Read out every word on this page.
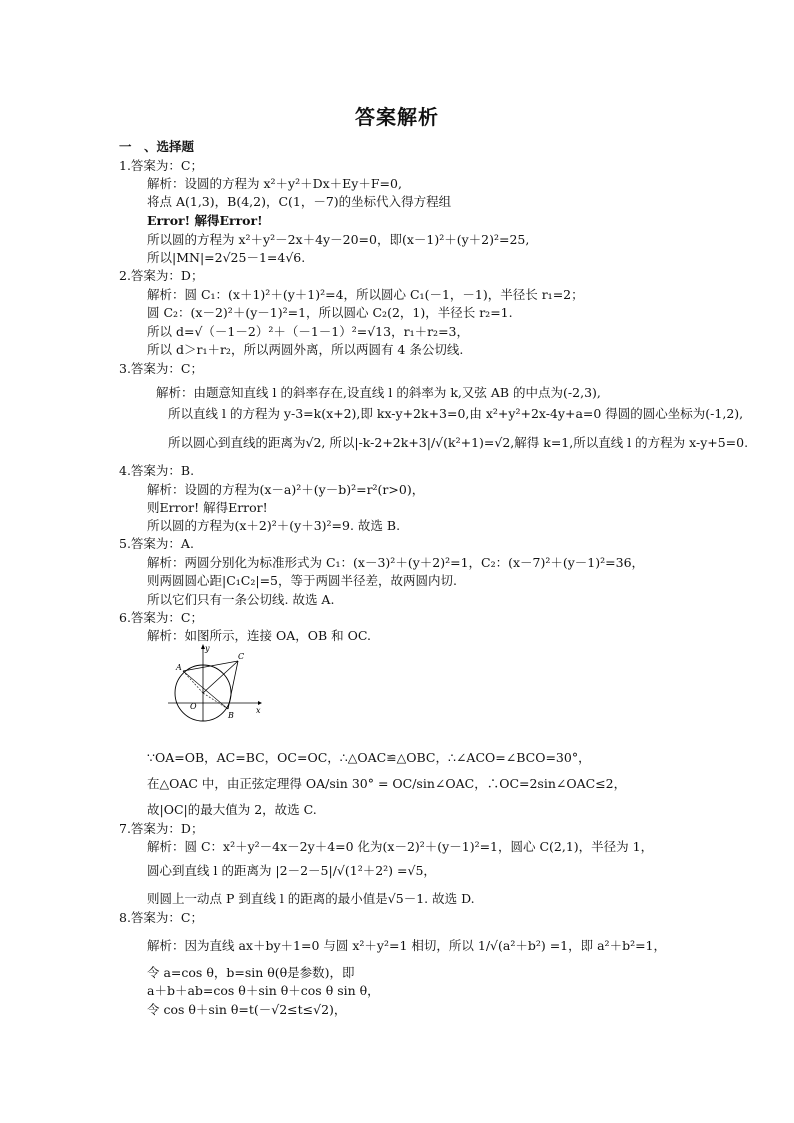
答案解析
一　、选择题
1.答案为：C；
解析：设圆的方程为 x²＋y²＋Dx＋Ey＋F=0,
将点 A(1,3)，B(4,2)，C(1，－7)的坐标代入得方程组
Error! 解得Error!
所以圆的方程为 x²＋y²－2x＋4y－20=0，即(x－1)²＋(y＋2)²=25,
所以|MN|=2√25－1=4√6.
2.答案为：D；
解析：圆 C₁：(x＋1)²＋(y＋1)²=4，所以圆心 C₁(－1，－1)，半径长 r₁=2；
圆 C₂：(x－2)²＋(y－1)²=1，所以圆心 C₂(2，1)，半径长 r₂=1.
所以 d=√（－1－2）²＋（－1－1）²=√13，r₁＋r₂=3，
所以 d＞r₁＋r₂，所以两圆外离，所以两圆有 4 条公切线.
3.答案为：C；
解析：由题意知直线 l 的斜率存在,设直线 l 的斜率为 k,又弦 AB 的中点为(-2,3),
所以直线 l 的方程为 y-3=k(x+2),即 kx-y+2k+3=0,由 x²+y²+2x-4y+a=0 得圆的圆心坐标为(-1,2),
所以圆心到直线的距离为√2, 所以|-k-2+2k+3|/√(k²+1)=√2,解得 k=1,所以直线 l 的方程为 x-y+5=0.
4.答案为：B.
解析：设圆的方程为(x－a)²＋(y－b)²=r²(r>0)，
则Error! 解得Error!
所以圆的方程为(x＋2)²＋(y＋3)²=9. 故选 B.
5.答案为：A.
解析：两圆分别化为标准形式为 C₁：(x－3)²＋(y＋2)²=1，C₂：(x－7)²＋(y－1)²=36，
则两圆圆心距|C₁C₂|=5，等于两圆半径差，故两圆内切.
所以它们只有一条公切线. 故选 A.
6.答案为：C；
解析：如图所示，连接 OA，OB 和 OC.
y
x
A
C
B
O
∵OA=OB，AC=BC，OC=OC，∴△OAC≌△OBC，∴∠ACO=∠BCO=30°，
在△OAC 中，由正弦定理得 OA/sin 30° = OC/sin∠OAC，∴OC=2sin∠OAC≤2，
故|OC|的最大值为 2，故选 C.
7.答案为：D；
解析：圆 C：x²＋y²－4x－2y＋4=0 化为(x－2)²＋(y－1)²=1，圆心 C(2,1)，半径为 1，
圆心到直线 l 的距离为 |2－2－5|/√(1²＋2²) =√5，
则圆上一动点 P 到直线 l 的距离的最小值是√5－1. 故选 D.
8.答案为：C；
解析：因为直线 ax＋by＋1=0 与圆 x²＋y²=1 相切，所以 1/√(a²＋b²) =1，即 a²＋b²=1，
令 a=cos θ，b=sin θ(θ是参数)，即
a＋b＋ab=cos θ＋sin θ＋cos θ sin θ，
令 cos θ＋sin θ=t(－√2≤t≤√2)，
